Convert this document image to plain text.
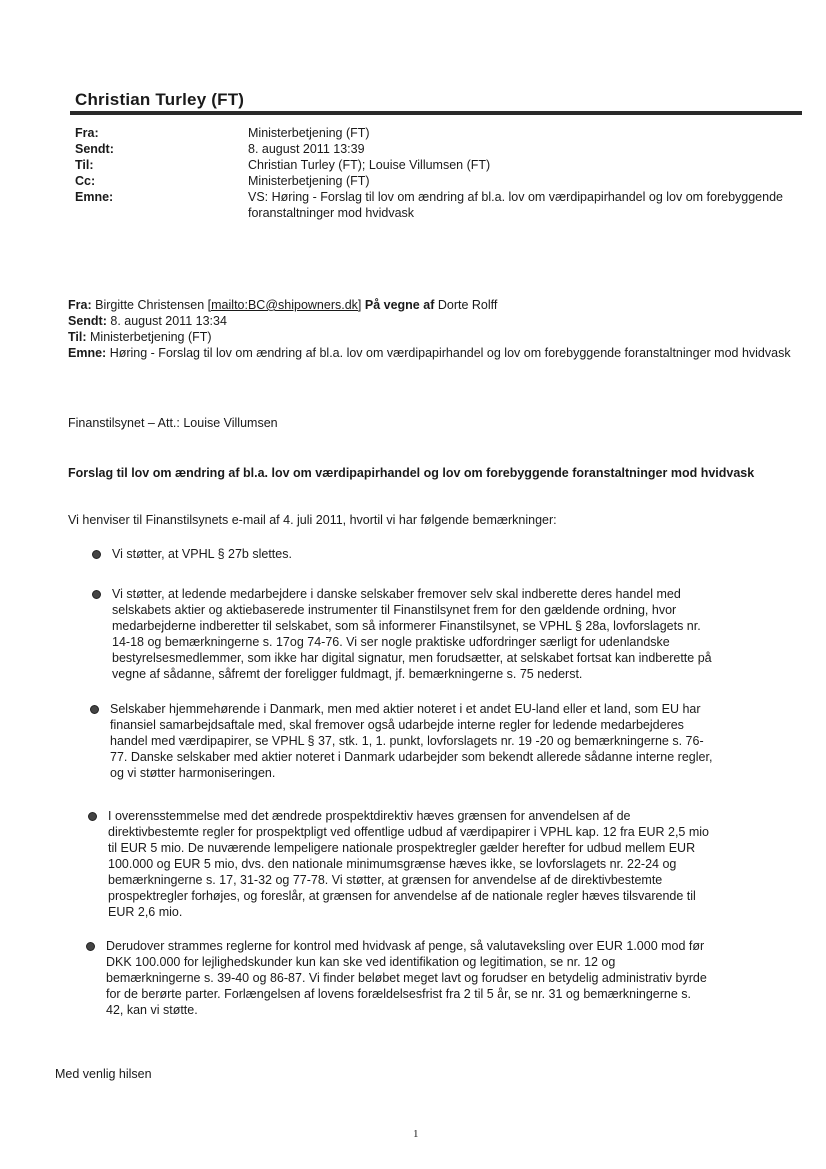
Christian Turley (FT)
Fra:	Ministerbetjening (FT)
Sendt:	8. august 2011 13:39
Til:	Christian Turley (FT); Louise Villumsen (FT)
Cc:	Ministerbetjening (FT)
Emne:	VS: Høring - Forslag til lov om ændring af bl.a. lov om værdipapirhandel og lov om forebyggende foranstaltninger mod hvidvask
Fra: Birgitte Christensen [mailto:BC@shipowners.dk] På vegne af Dorte Rolff
Sendt: 8. august 2011 13:34
Til: Ministerbetjening (FT)
Emne: Høring - Forslag til lov om ændring af bl.a. lov om værdipapirhandel og lov om forebyggende foranstaltninger mod hvidvask
Finanstilsynet – Att.: Louise Villumsen
Forslag til lov om ændring af bl.a. lov om værdipapirhandel og lov om forebyggende foranstaltninger mod hvidvask
Vi henviser til Finanstilsynets e-mail af 4. juli 2011, hvortil vi har følgende bemærkninger:
Vi støtter, at VPHL § 27b slettes.
Vi støtter, at ledende medarbejdere i danske selskaber fremover selv skal indberette deres handel med
selskabets aktier og aktiebaserede instrumenter til Finanstilsynet frem for den gældende ordning, hvor
medarbejderne indberetter til selskabet, som så informerer Finanstilsynet, se VPHL § 28a, lovforslagets nr.
14-18 og bemærkningerne s. 17og 74-76. Vi ser nogle praktiske udfordringer særligt for udenlandske
bestyrelsesmedlemmer, som ikke har digital signatur, men forudsætter, at selskabet fortsat kan indberette på
vegne af sådanne, såfremt der foreligger fuldmagt, jf. bemærkningerne s. 75 nederst.
Selskaber hjemmehørende i Danmark, men med aktier noteret i et andet EU-land eller et land, som EU har
finansiel samarbejdsaftale med, skal fremover også udarbejde interne regler for ledende medarbejderes
handel med værdipapirer, se VPHL § 37, stk. 1, 1. punkt, lovforslagets nr. 19 -20 og bemærkningerne s. 76-
77. Danske selskaber med aktier noteret i Danmark udarbejder som bekendt allerede sådanne interne regler,
og vi støtter harmoniseringen.
I overensstemmelse med det ændrede prospektdirektiv hæves grænsen for anvendelsen af de
direktivbestemte regler for prospektpligt ved offentlige udbud af værdipapirer i VPHL kap. 12 fra EUR 2,5 mio
til EUR 5 mio. De nuværende lempeligere nationale prospektregler gælder herefter for udbud mellem EUR
100.000 og EUR 5 mio, dvs. den nationale minimumsgrænse hæves ikke, se lovforslagets nr. 22-24 og
bemærkningerne s. 17, 31-32 og 77-78. Vi støtter, at grænsen for anvendelse af de direktivbestemte
prospektregler forhøjes, og foreslår, at grænsen for anvendelse af de nationale regler hæves tilsvarende til
EUR 2,6 mio.
Derudover strammes reglerne for kontrol med hvidvask af penge, så valutaveksling over EUR 1.000 mod før
DKK 100.000 for lejlighedskunder kun kan ske ved identifikation og legitimation, se nr. 12 og
bemærkningerne s. 39-40 og 86-87. Vi finder beløbet meget lavt og forudser en betydelig administrativ byrde
for de berørte parter. Forlængelsen af lovens forældelsesfrist fra 2 til 5 år, se nr. 31 og bemærkningerne s.
42, kan vi støtte.
Med venlig hilsen
1
